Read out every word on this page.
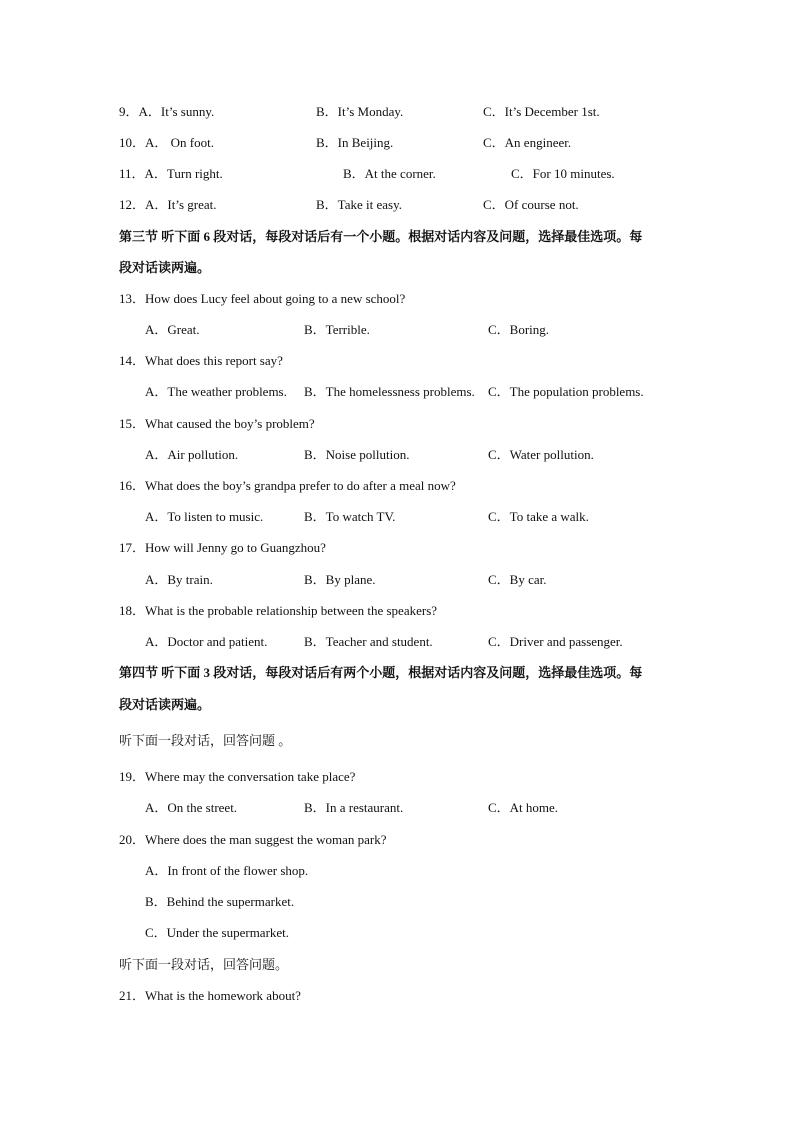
9．A．It’s sunny.	B．It’s Monday.	C．It’s December 1st.
10．A． On foot.	B．In Beijing.	C．An engineer.
11．A．Turn right.	B．At the corner.	C．For 10 minutes.
12．A．It’s great.	B．Take it easy.	C．Of course not.
第三节 听下面 6 段对话，每段对话后有一个小题。根据对话内容及问题，选择最佳选项。每
段对话读两遍。
13．How does Lucy feel about going to a new school?
A．Great.	B．Terrible.	C．Boring.
14．What does this report say?
A．The weather problems. B．The homelessness problems. C．The population problems.
15．What caused the boy’s problem?
A．Air pollution.	B．Noise pollution.	C．Water pollution.
16．What does the boy’s grandpa prefer to do after a meal now?
A．To listen to music.	B．To watch TV.	C．To take a walk.
17．How will Jenny go to Guangzhou?
A．By train.	B．By plane.	C．By car.
18．What is the probable relationship between the speakers?
A．Doctor and patient.	B．Teacher and student.	C．Driver and passenger.
第四节 听下面 3 段对话，每段对话后有两个小题，根据对话内容及问题，选择最佳选项。每
段对话读两遍。
听下面一段对话，回答问题 。
19．Where may the conversation take place?
A．On the street.	B．In a restaurant.	C．At home.
20．Where does the man suggest the woman park?
A．In front of the flower shop.
B．Behind the supermarket.
C．Under the supermarket.
听下面一段对话，回答问题。
21．What is the homework about?
